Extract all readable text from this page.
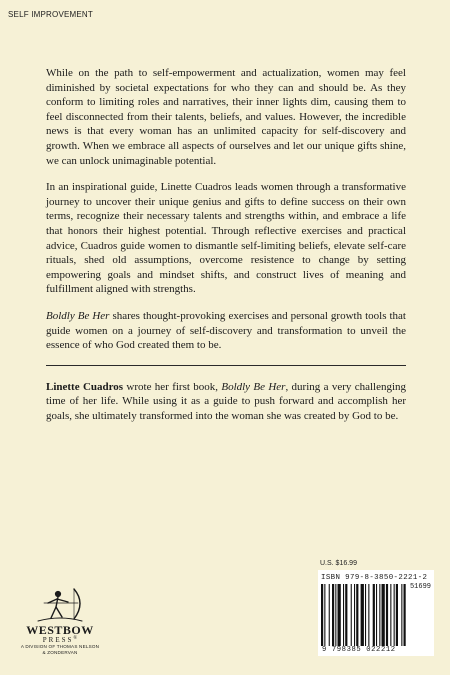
SELF IMPROVEMENT

While on the path to self-empowerment and actualization, women may feel diminished by societal expectations for who they can and should be. As they conform to limiting roles and narratives, their inner lights dim, causing them to feel disconnected from their talents, beliefs, and values. However, the incredible news is that every woman has an unlimited capacity for self-discovery and growth. When we embrace all aspects of ourselves and let our unique gifts shine, we can unlock unimaginable potential.

In an inspirational guide, Linette Cuadros leads women through a transformative journey to uncover their unique genius and gifts to define success on their own terms, recognize their necessary talents and strengths within, and embrace a life that honors their highest potential. Through reflective exercises and practical advice, Cuadros guide women to dismantle self-limiting beliefs, elevate self-care rituals, shed old assumptions, overcome resistence to change by setting empowering goals and mindset shifts, and construct lives of meaning and fulfillment aligned with strengths.

Boldly Be Her shares thought-provoking exercises and personal growth tools that guide women on a journey of self-discovery and transformation to unveil the essence of who God created them to be.

Linette Cuadros wrote her first book, Boldly Be Her, during a very challenging time of her life. While using it as a guide to push forward and accomplish her goals, she ultimately transformed into the woman she was created by God to be.

WESTBOW
PRESS®
A DIVISION OF THOMAS NELSON
& ZONDERVAN
U.S. $16.99
ISBN 979-8-3850-2221-2
51699
9 798385 022212
